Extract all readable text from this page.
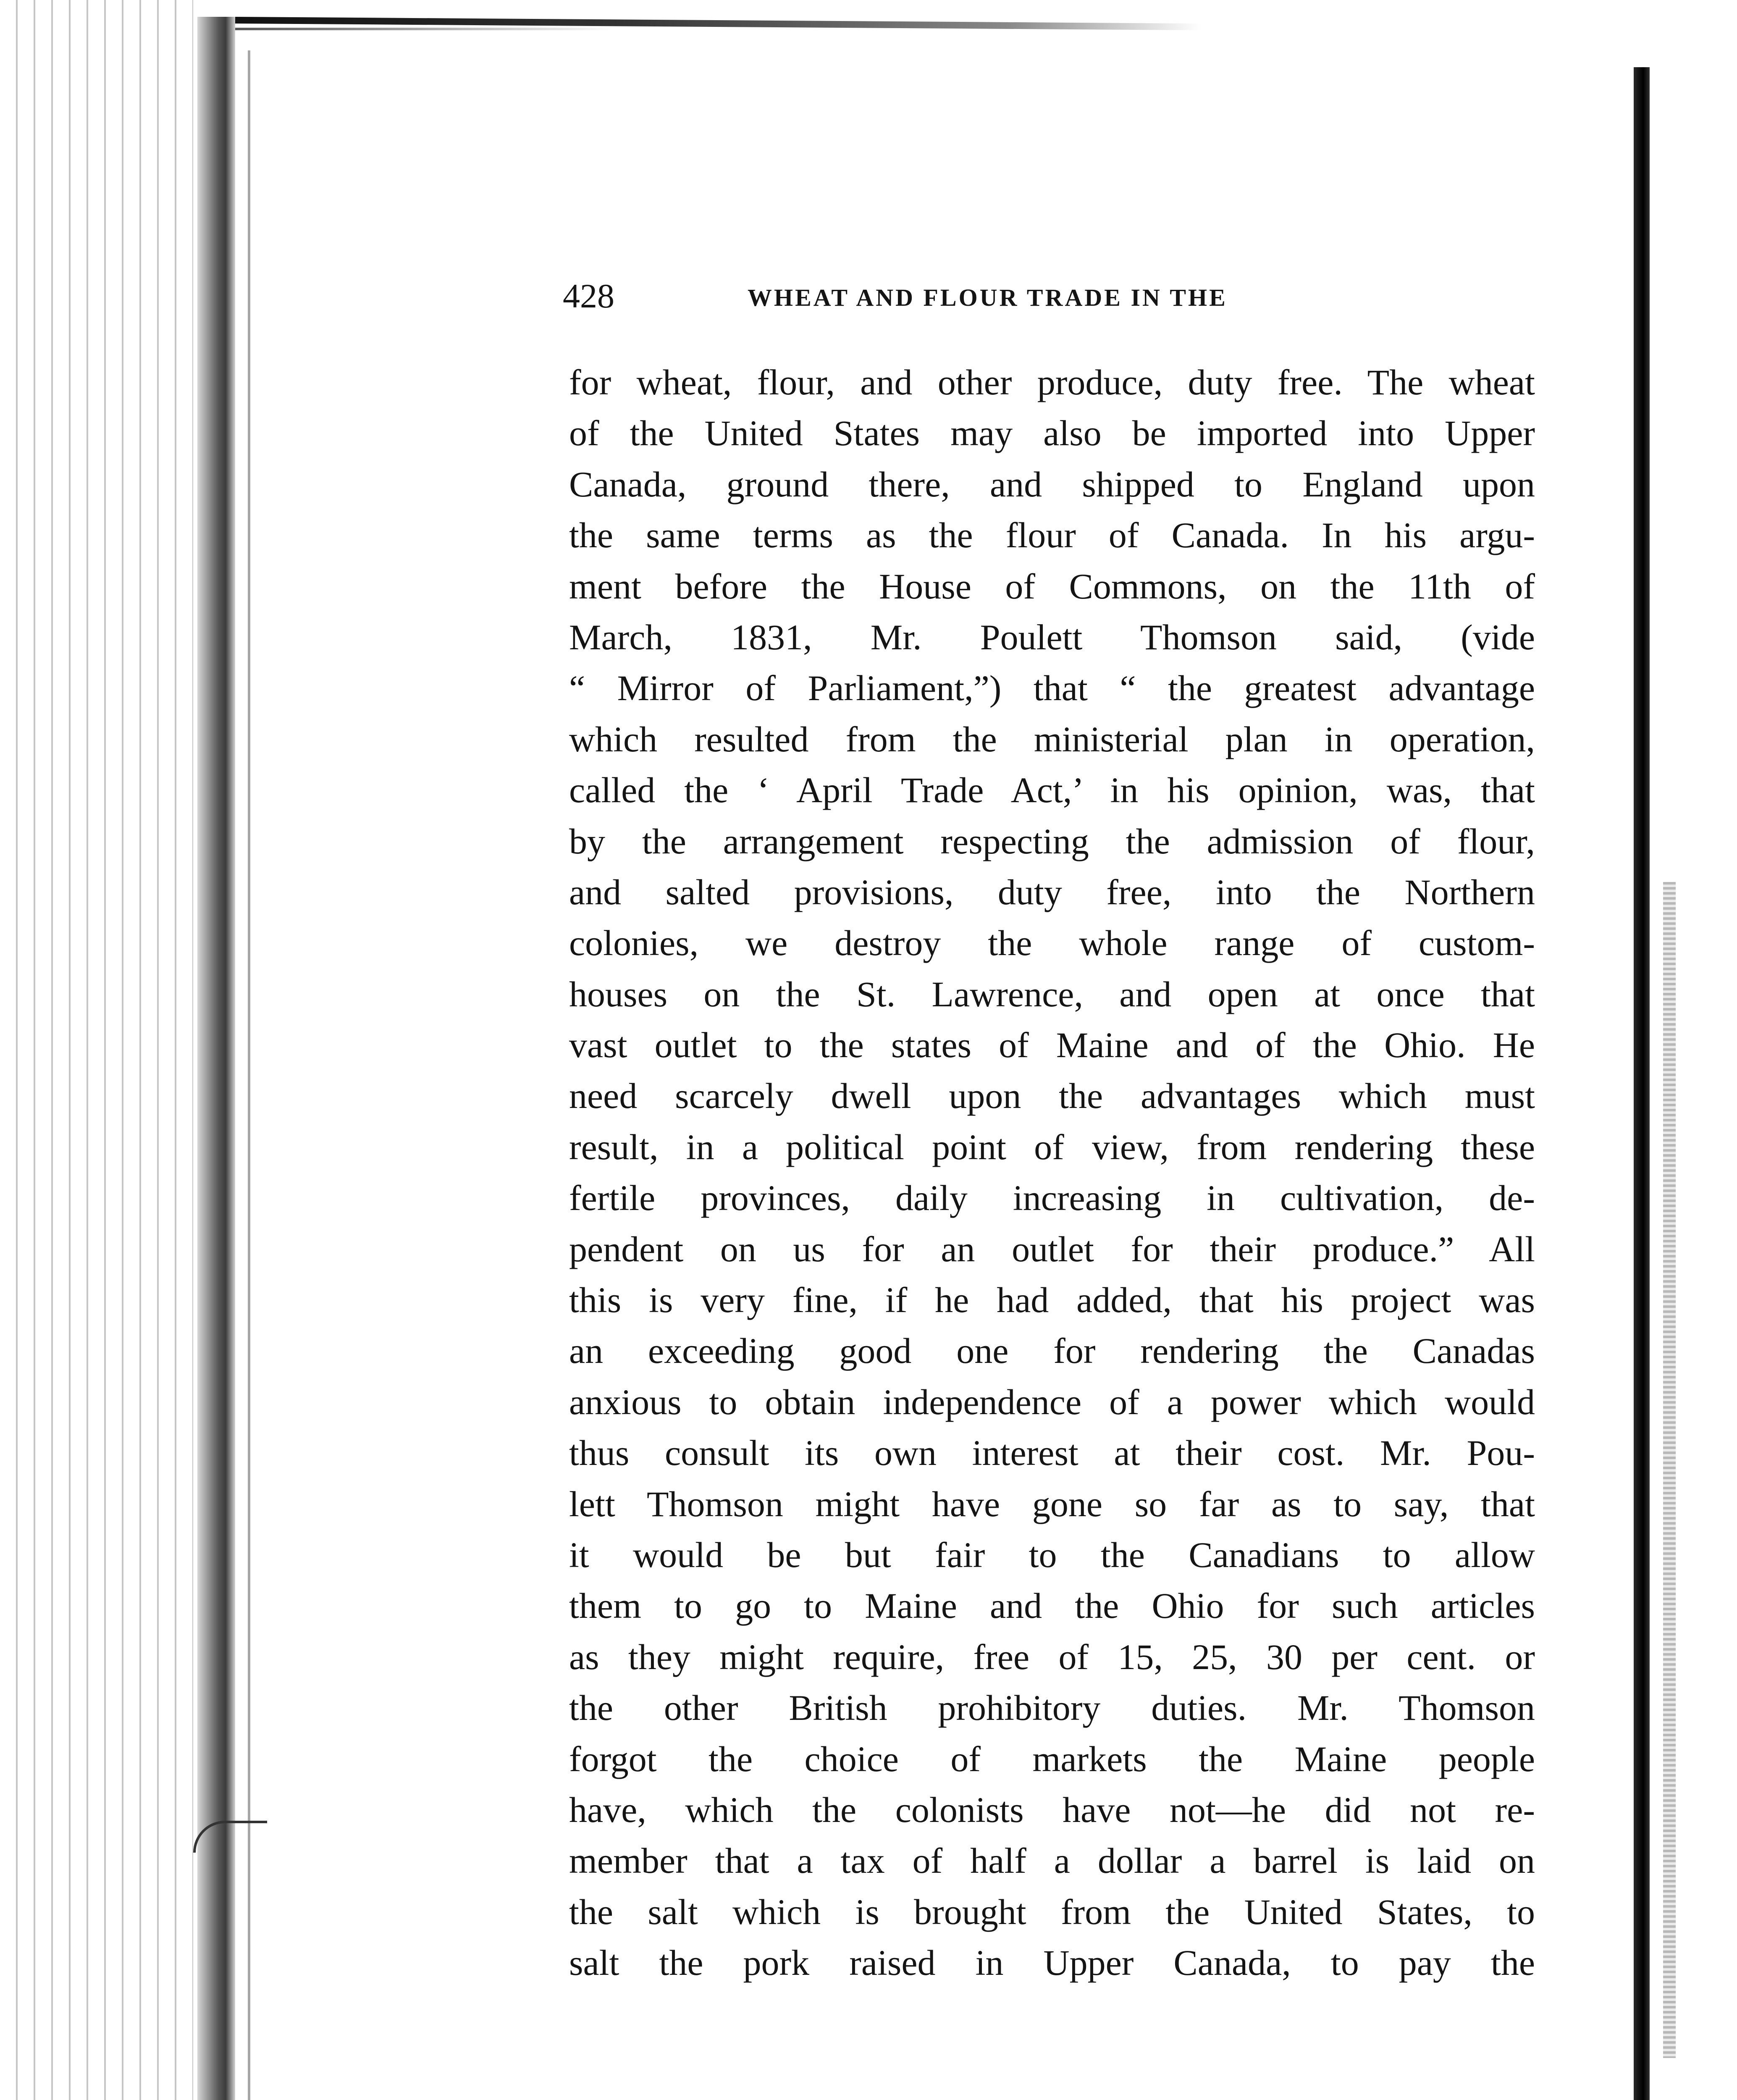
428	WHEAT AND FLOUR TRADE IN THE
for wheat, flour, and other produce, duty free. The wheat
of the United States may also be imported into Upper
Canada, ground there, and shipped to England upon
the same terms as the flour of Canada. In his argu-
ment before the House of Commons, on the 11th of
March, 1831, Mr. Poulett Thomson said, (vide
“ Mirror of Parliament,”) that “ the greatest advantage
which resulted from the ministerial plan in operation,
called the ‘ April Trade Act,’ in his opinion, was, that
by the arrangement respecting the admission of flour,
and salted provisions, duty free, into the Northern
colonies, we destroy the whole range of custom-
houses on the St. Lawrence, and open at once that
vast outlet to the states of Maine and of the Ohio. He
need scarcely dwell upon the advantages which must
result, in a political point of view, from rendering these
fertile provinces, daily increasing in cultivation, de-
pendent on us for an outlet for their produce.” All
this is very fine, if he had added, that his project was
an exceeding good one for rendering the Canadas
anxious to obtain independence of a power which would
thus consult its own interest at their cost. Mr. Pou-
lett Thomson might have gone so far as to say, that
it would be but fair to the Canadians to allow
them to go to Maine and the Ohio for such articles
as they might require, free of 15, 25, 30 per cent. or
the other British prohibitory duties. Mr. Thomson
forgot the choice of markets the Maine people
have, which the colonists have not—he did not re-
member that a tax of half a dollar a barrel is laid on
the salt which is brought from the United States, to
salt the pork raised in Upper Canada, to pay the
